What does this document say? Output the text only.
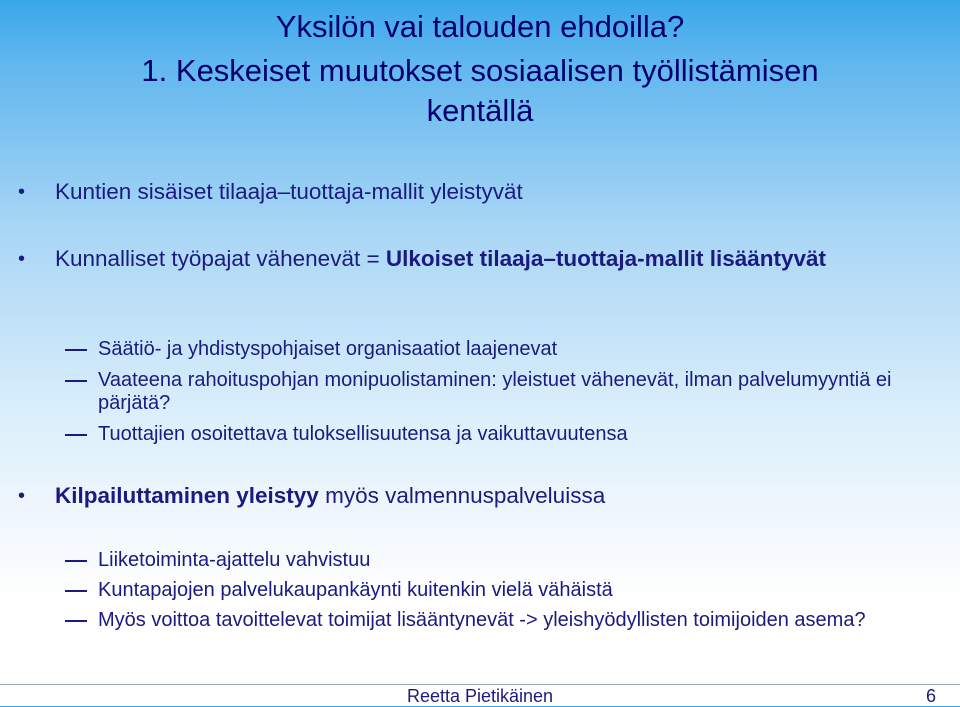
Yksilön vai talouden ehdoilla?
1. Keskeiset muutokset sosiaalisen työllistämisen
kentällä
• Kuntien sisäiset tilaaja–tuottaja-mallit yleistyvät
• Kunnalliset työpajat vähenevät = Ulkoiset tilaaja–tuottaja-mallit lisääntyvät
Säätiö- ja yhdistyspohjaiset organisaatiot laajenevat
Vaateena rahoituspohjan monipuolistaminen: yleistuet vähenevät, ilman palvelumyyntiä ei pärjätä?
Tuottajien osoitettava tuloksellisuutensa ja vaikuttavuutensa
• Kilpailuttaminen yleistyy myös valmennuspalveluissa
Liiketoiminta-ajattelu vahvistuu
Kuntapajojen palvelukaupankäynti kuitenkin vielä vähäistä
Myös voittoa tavoittelevat toimijat lisääntynevät -> yleishyödyllisten toimijoiden asema?
Reetta Pietikäinen	6
